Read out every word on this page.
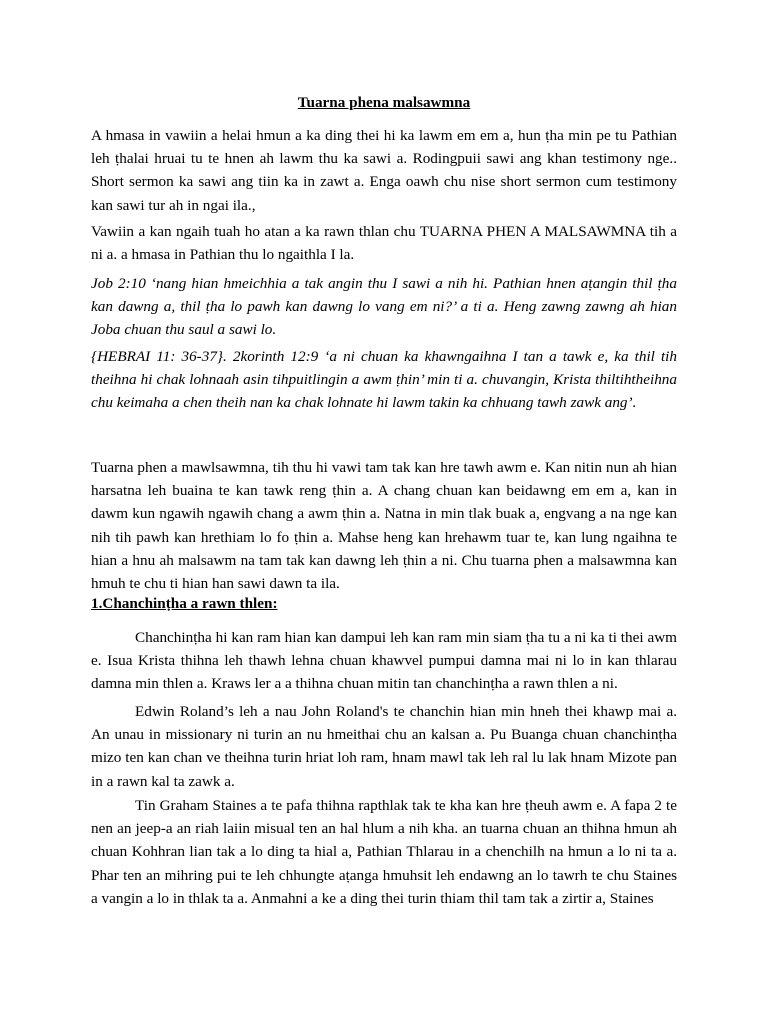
Tuarna phena malsawmna

A hmasa in vawiin a helai hmun a ka ding thei hi ka lawm em em a, hun ṭha min pe tu Pathian leh ṭhalai hruai tu te hnen ah lawm thu ka sawi a. Rodingpuii sawi ang khan testimony nge.. Short sermon ka sawi ang tiin ka in zawt a. Enga oawh chu nise short sermon cum testimony kan sawi tur ah in ngai ila.,

Vawiin a kan ngaih tuah ho atan a ka rawn thlan chu TUARNA PHEN A MALSAWMNA tih a ni a. a hmasa in Pathian thu lo ngaithla I la.

Job 2:10 ‘nang hian hmeichhia a tak angin thu I sawi a nih hi. Pathian hnen aṭangin thil ṭha kan dawng a, thil ṭha lo pawh kan dawng lo vang em ni?’ a ti a. Heng zawng zawng ah hian Joba chuan thu saul a sawi lo.

{HEBRAI 11: 36-37}. 2korinth 12:9 ‘a ni chuan ka khawngaihna I tan a tawk e, ka thil tih theihna hi chak lohnaah asin tihpuitlingin a awm ṭhin’ min ti a. chuvangin, Krista thiltihtheihna chu keimaha a chen theih nan ka chak lohnate hi lawm takin ka chhuang tawh zawk ang’.

Tuarna phen a mawlsawmna, tih thu hi vawi tam tak kan hre tawh awm e. Kan nitin nun ah hian harsatna leh buaina te kan tawk reng ṭhin a. A chang chuan kan beidawng em em a, kan in dawm kun ngawih ngawih chang a awm ṭhin a. Natna in min tlak buak a, engvang a na nge kan nih tih pawh kan hrethiam lo fo ṭhin a. Mahse heng kan hrehawm tuar te, kan lung ngaihna te hian a hnu ah malsawm na tam tak kan dawng leh ṭhin a ni. Chu tuarna phen a malsawmna kan hmuh te chu ti hian han sawi dawn ta ila.

1.Chanchinṭha a rawn thlen:

Chanchinṭha hi kan ram hian kan dampui leh kan ram min siam ṭha tu a ni ka ti thei awm e. Isua Krista thihna leh thawh lehna chuan khawvel pumpui damna mai ni lo in kan thlarau damna min thlen a. Kraws ler a a thihna chuan mitin tan chanchinṭha a rawn thlen a ni.

Edwin Roland’s leh a nau John Roland's te chanchin hian min hneh thei khawp mai a. An unau in missionary ni turin an nu hmeithai chu an kalsan a. Pu Buanga chuan chanchinṭha mizo ten kan chan ve theihna turin hriat loh ram, hnam mawl tak leh ral lu lak hnam Mizote pan in a rawn kal ta zawk a.

Tin Graham Staines a te pafa thihna rapthlak tak te kha kan hre ṭheuh awm e. A fapa 2 te nen an jeep-a an riah laiin misual ten an hal hlum a nih kha. an tuarna chuan an thihna hmun ah chuan Kohhran lian tak a lo ding ta hial a, Pathian Thlarau in a chenchilh na hmun a lo ni ta a. Phar ten an mihring pui te leh chhungte aṭanga hmuhsit leh endawng an lo tawrh te chu Staines a vangin a lo in thlak ta a. Anmahni a ke a ding thei turin thiam thil tam tak a zirtir a, Staines
